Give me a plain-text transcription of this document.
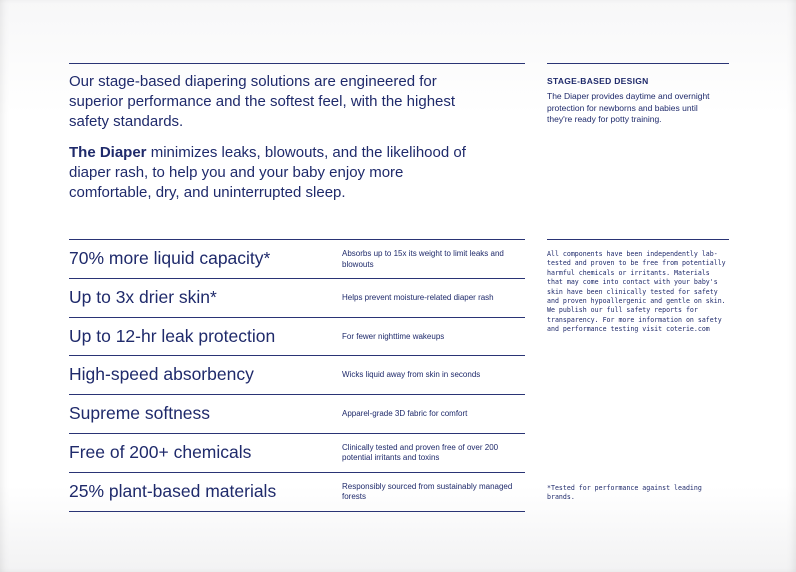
Our stage-based diapering solutions are engineered for superior performance and the softest feel, with the highest safety standards.

The Diaper minimizes leaks, blowouts, and the likelihood of diaper rash, to help you and your baby enjoy more comfortable, dry, and uninterrupted sleep.

STAGE-BASED DESIGN
The Diaper provides daytime and overnight protection for newborns and babies until they're ready for potty training.
70% more liquid capacity*	Absorbs up to 15x its weight to limit leaks and blowouts
Up to 3x drier skin*	Helps prevent moisture-related diaper rash
Up to 12-hr leak protection	For fewer nighttime wakeups
High-speed absorbency	Wicks liquid away from skin in seconds
Supreme softness	Apparel-grade 3D fabric for comfort
Free of 200+ chemicals	Clinically tested and proven free of over 200 potential irritants and toxins
25% plant-based materials	Responsibly sourced from sustainably managed forests
All components have been independently lab-tested and proven to be free from potentially harmful chemicals or irritants. Materials that may come into contact with your baby's skin have been clinically tested for safety and proven hypoallergenic and gentle on skin. We publish our full safety reports for transparency. For more information on safety and performance testing visit coterie.com
*Tested for performance against leading brands.
